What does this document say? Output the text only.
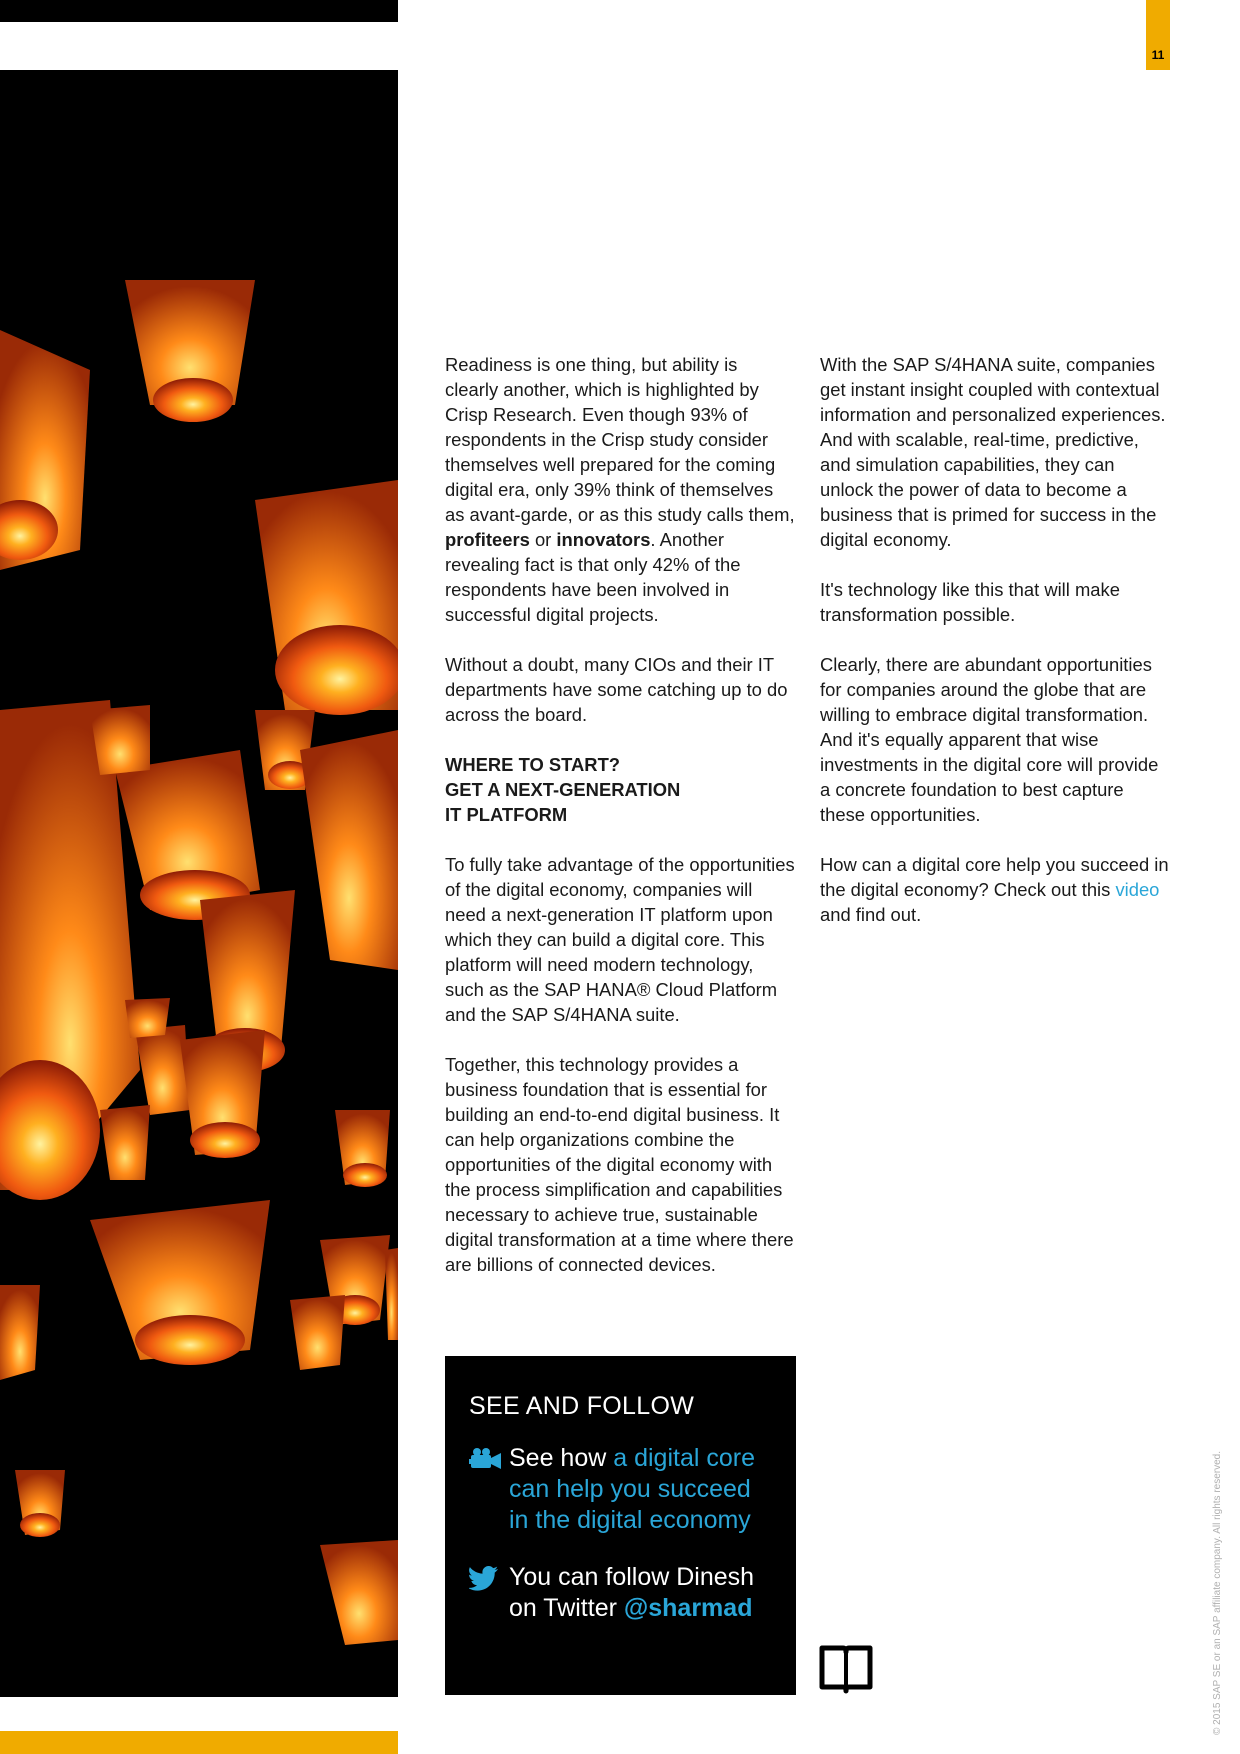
11

Readiness is one thing, but ability is clearly another, which is highlighted by Crisp Research. Even though 93% of respondents in the Crisp study consider themselves well prepared for the coming digital era, only 39% think of themselves as avant-garde, or as this study calls them, profiteers or innovators. Another revealing fact is that only 42% of the respondents have been involved in successful digital projects.

Without a doubt, many CIOs and their IT departments have some catching up to do across the board.

WHERE TO START?
GET A NEXT-GENERATION
IT PLATFORM

To fully take advantage of the opportunities of the digital economy, companies will need a next-generation IT platform upon which they can build a digital core. This platform will need modern technology, such as the SAP HANA® Cloud Platform and the SAP S/4HANA suite.

Together, this technology provides a business foundation that is essential for building an end-to-end digital business. It can help organizations combine the opportunities of the digital economy with the process simplification and capabilities necessary to achieve true, sustainable digital transformation at a time where there are billions of connected devices.

With the SAP S/4HANA suite, companies get instant insight coupled with contextual information and personalized experiences. And with scalable, real-time, predictive, and simulation capabilities, they can unlock the power of data to become a business that is primed for success in the digital economy.

It's technology like this that will make transformation possible.

Clearly, there are abundant opportunities for companies around the globe that are willing to embrace digital transformation. And it's equally apparent that wise investments in the digital core will provide a concrete foundation to best capture these opportunities.

How can a digital core help you succeed in the digital economy? Check out this video and find out.

SEE AND FOLLOW
See how a digital core can help you succeed in the digital economy
You can follow Dinesh on Twitter @sharmad	© 2015 SAP SE or an SAP affiliate company. All rights reserved.
